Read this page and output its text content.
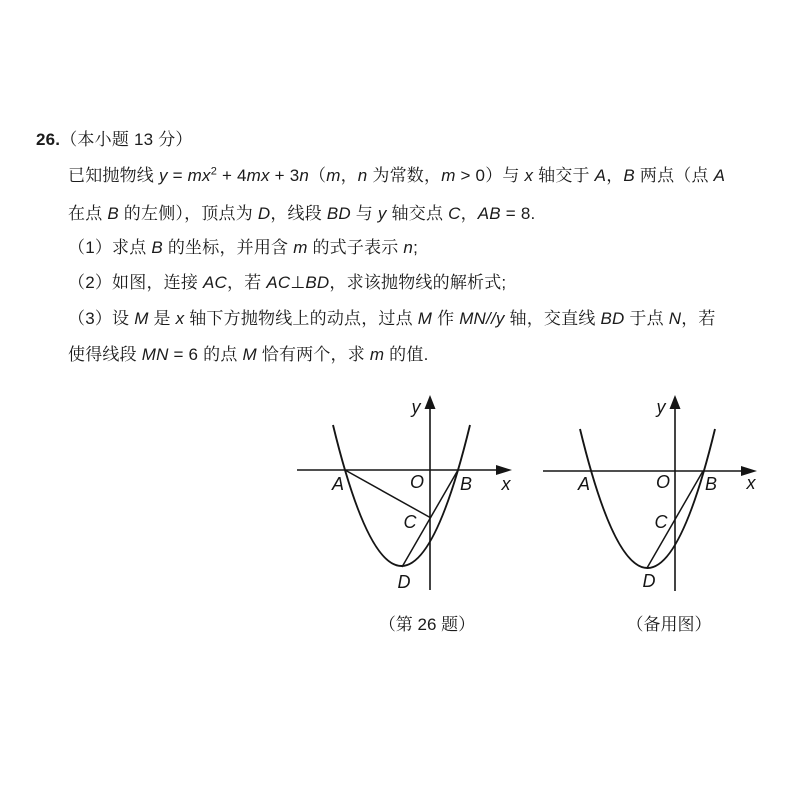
26.（本小题 13 分）
已知抛物线 $y = mx^2 + 4mx + 3n(m$，n 为常数，m > 0）与 x 轴交于 A，B 两点（点 A
在点 B 的左侧），顶点为 D，线段 BD 与 y 轴交点 C，AB = 8.
（1）求点 B 的坐标，并用含 m 的式子表示 n;
（2）如图，连接 AC，若 AC⊥BD，求该抛物线的解析式;
（3）设 M 是 x 轴下方抛物线上的动点，过点 M 作 MN//y 轴，交直线 BD 于点 N，若
使得线段 MN = 6 的点 M 恰有两个，求 m 的值.
y
x
O
A	B
C
D
（第 26 题）
y
x
O
A	B
C
D
（备用图）
